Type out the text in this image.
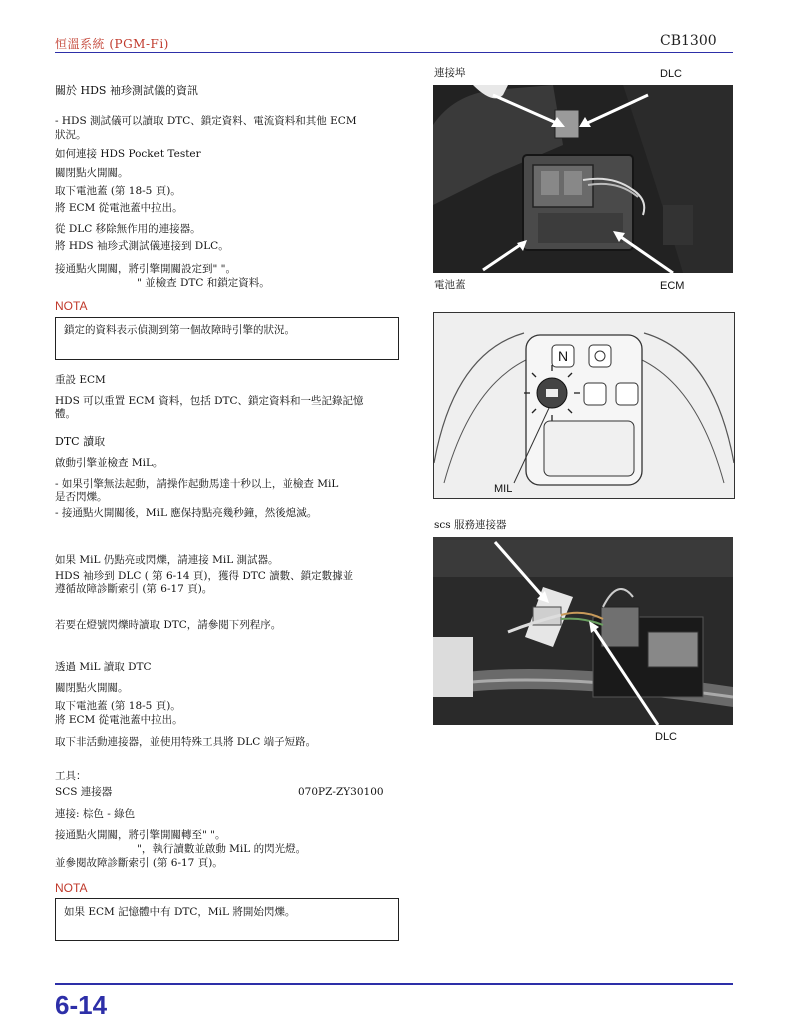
恒溫系統 (PGM-Fi)	CB1300
關於 HDS 袖珍測試儀的資訊
- HDS 測試儀可以讀取 DTC、鎖定資料、電流資料和其他 ECM
狀況。
如何連接 HDS Pocket Tester
關閉點火開關。
取下電池蓋 (第 18-5 頁)。
將 ECM 從電池蓋中拉出。
從 DLC 移除無作用的連接器。
將 HDS 袖珍式測試儀連接到 DLC。
接通點火開關，將引擎開關設定到" "。
" 並檢查 DTC 和鎖定資料。
NOTA
鎖定的資料表示偵測到第一個故障時引擎的狀況。
重設 ECM
HDS 可以重置 ECM 資料，包括 DTC、鎖定資料和一些記錄記憶
體。
DTC 讀取
啟動引擎並檢查 MiL。
- 如果引擎無法起動，請操作起動馬達十秒以上，並檢查 MiL
是否閃爍。
- 接通點火開關後，MiL 應保持點亮幾秒鐘，然後熄滅。
如果 MiL 仍點亮或閃爍，請連接 MiL 測試器。
HDS 袖珍到 DLC ( 第 6-14 頁)，獲得 DTC 讀數、鎖定數據並
遵循故障診斷索引 (第 6-17 頁)。
若要在燈號閃爍時讀取 DTC，請參閱下列程序。
透過 MiL 讀取 DTC
關閉點火開關。
取下電池蓋 (第 18-5 頁)。
將 ECM 從電池蓋中拉出。
取下非活動連接器，並使用特殊工具將 DLC 端子短路。
工具：
SCS 連接器	070PZ-ZY30100
連接: 棕色 - 綠色
接通點火開關，將引擎開關轉至" "。
"，執行讀數並啟動 MiL 的閃光燈。
並參閱故障診斷索引 (第 6-17 頁)。
NOTA
如果 ECM 記憶體中有 DTC，MiL 將開始閃爍。
連接埠	DLC
電池蓋	ECM
N
MIL
scs 服務連接器
DLC
6-14
